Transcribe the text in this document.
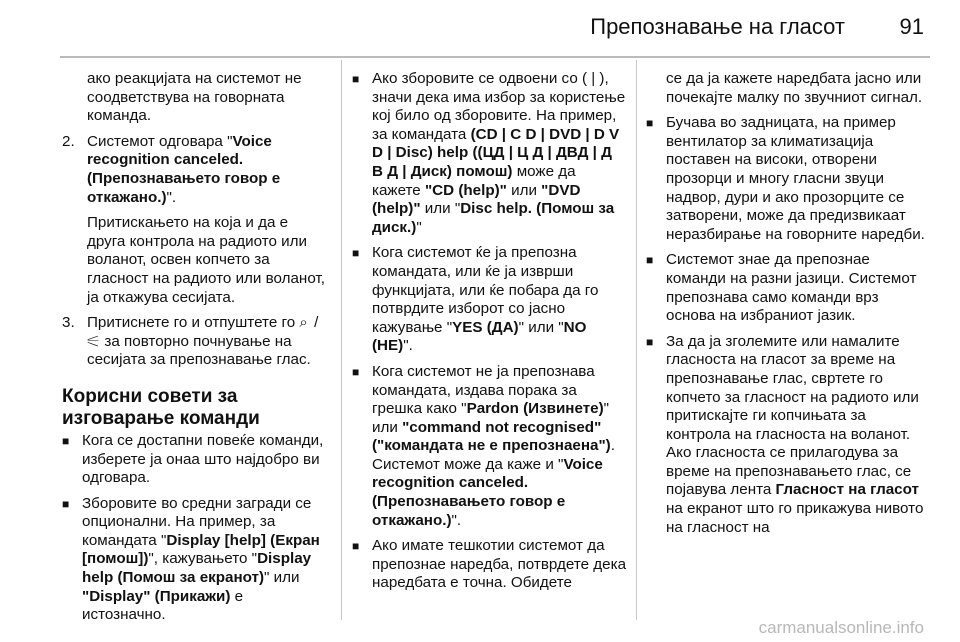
Препознавање на гласот 91

ако реакцијата на системот не соодветствува на говорната команда.

2. Системот одговара "Voice recognition canceled. (Препознавањето говор е откажано.)".

Притискањето на која и да е друга контрола на радиото или воланот, освен копчето за гласност на радиото или воланот, ја откажува сесијата.

3. Притиснете го и отпуштете го ⌕ / ⚟ за повторно почнување на сесијата за препознавање глас.
Корисни совети за изговарање команди
■ Кога се достапни повеќе команди, изберете ја онаа што најдобро ви одговара.
■ Зборовите во средни загради се опционални. На пример, за командата "Display [help] (Екран [помош])", кажувањето "Display help (Помош за екранот)" или "Display" (Прикажи) е истозначно.
■ Ако зборовите се одвоени со ( | ), значи дека има избор за користење кој било од зборовите. На пример, за командата (CD | C D | DVD | D V D | Disc) help ((ЦД | Ц Д | ДВД | Д В Д | Диск) помош) може да кажете "CD (help)" или "DVD (help)" или "Disc help. (Помош за диск.)"
■ Кога системот ќе ја препозна командата, или ќе ја изврши функцијата, или ќе побара да го потврдите изборот со јасно кажување "YES (ДА)" или "NO (НЕ)".
■ Кога системот не ја препознава командата, издава порака за грешка како "Pardon (Извинете)" или "command not recognised" ("командата не е препознаена"). Системот може да каже и "Voice recognition canceled. (Препознавањето говор е откажано.)".
■ Ако имате тешкотии системот да препознае наредба, потврдете дека наредбата е точна. Обидете

се да ја кажете наредбата јасно или почекајте малку по звучниот сигнал.

■ Бучава во задницата, на пример вентилатор за климатизација поставен на високи, отворени прозорци и многу гласни звуци надвор, дури и ако прозорците се затворени, може да предизвикаат неразбирање на говорните наредби.
■ Системот знае да препознае команди на разни јазици. Системот препознава само команди врз основа на избраниот јазик.
■ За да ја зголемите или намалите гласноста на гласот за време на препознавање глас, свртете го копчето за гласност на радиото или притискајте ги копчињата за контрола на гласноста на воланот. Ако гласноста се прилагодува за време на препознавањето глас, се појавува лента Гласност на гласот на екранот што го прикажува нивото на гласност на
carmanualsonline.info
